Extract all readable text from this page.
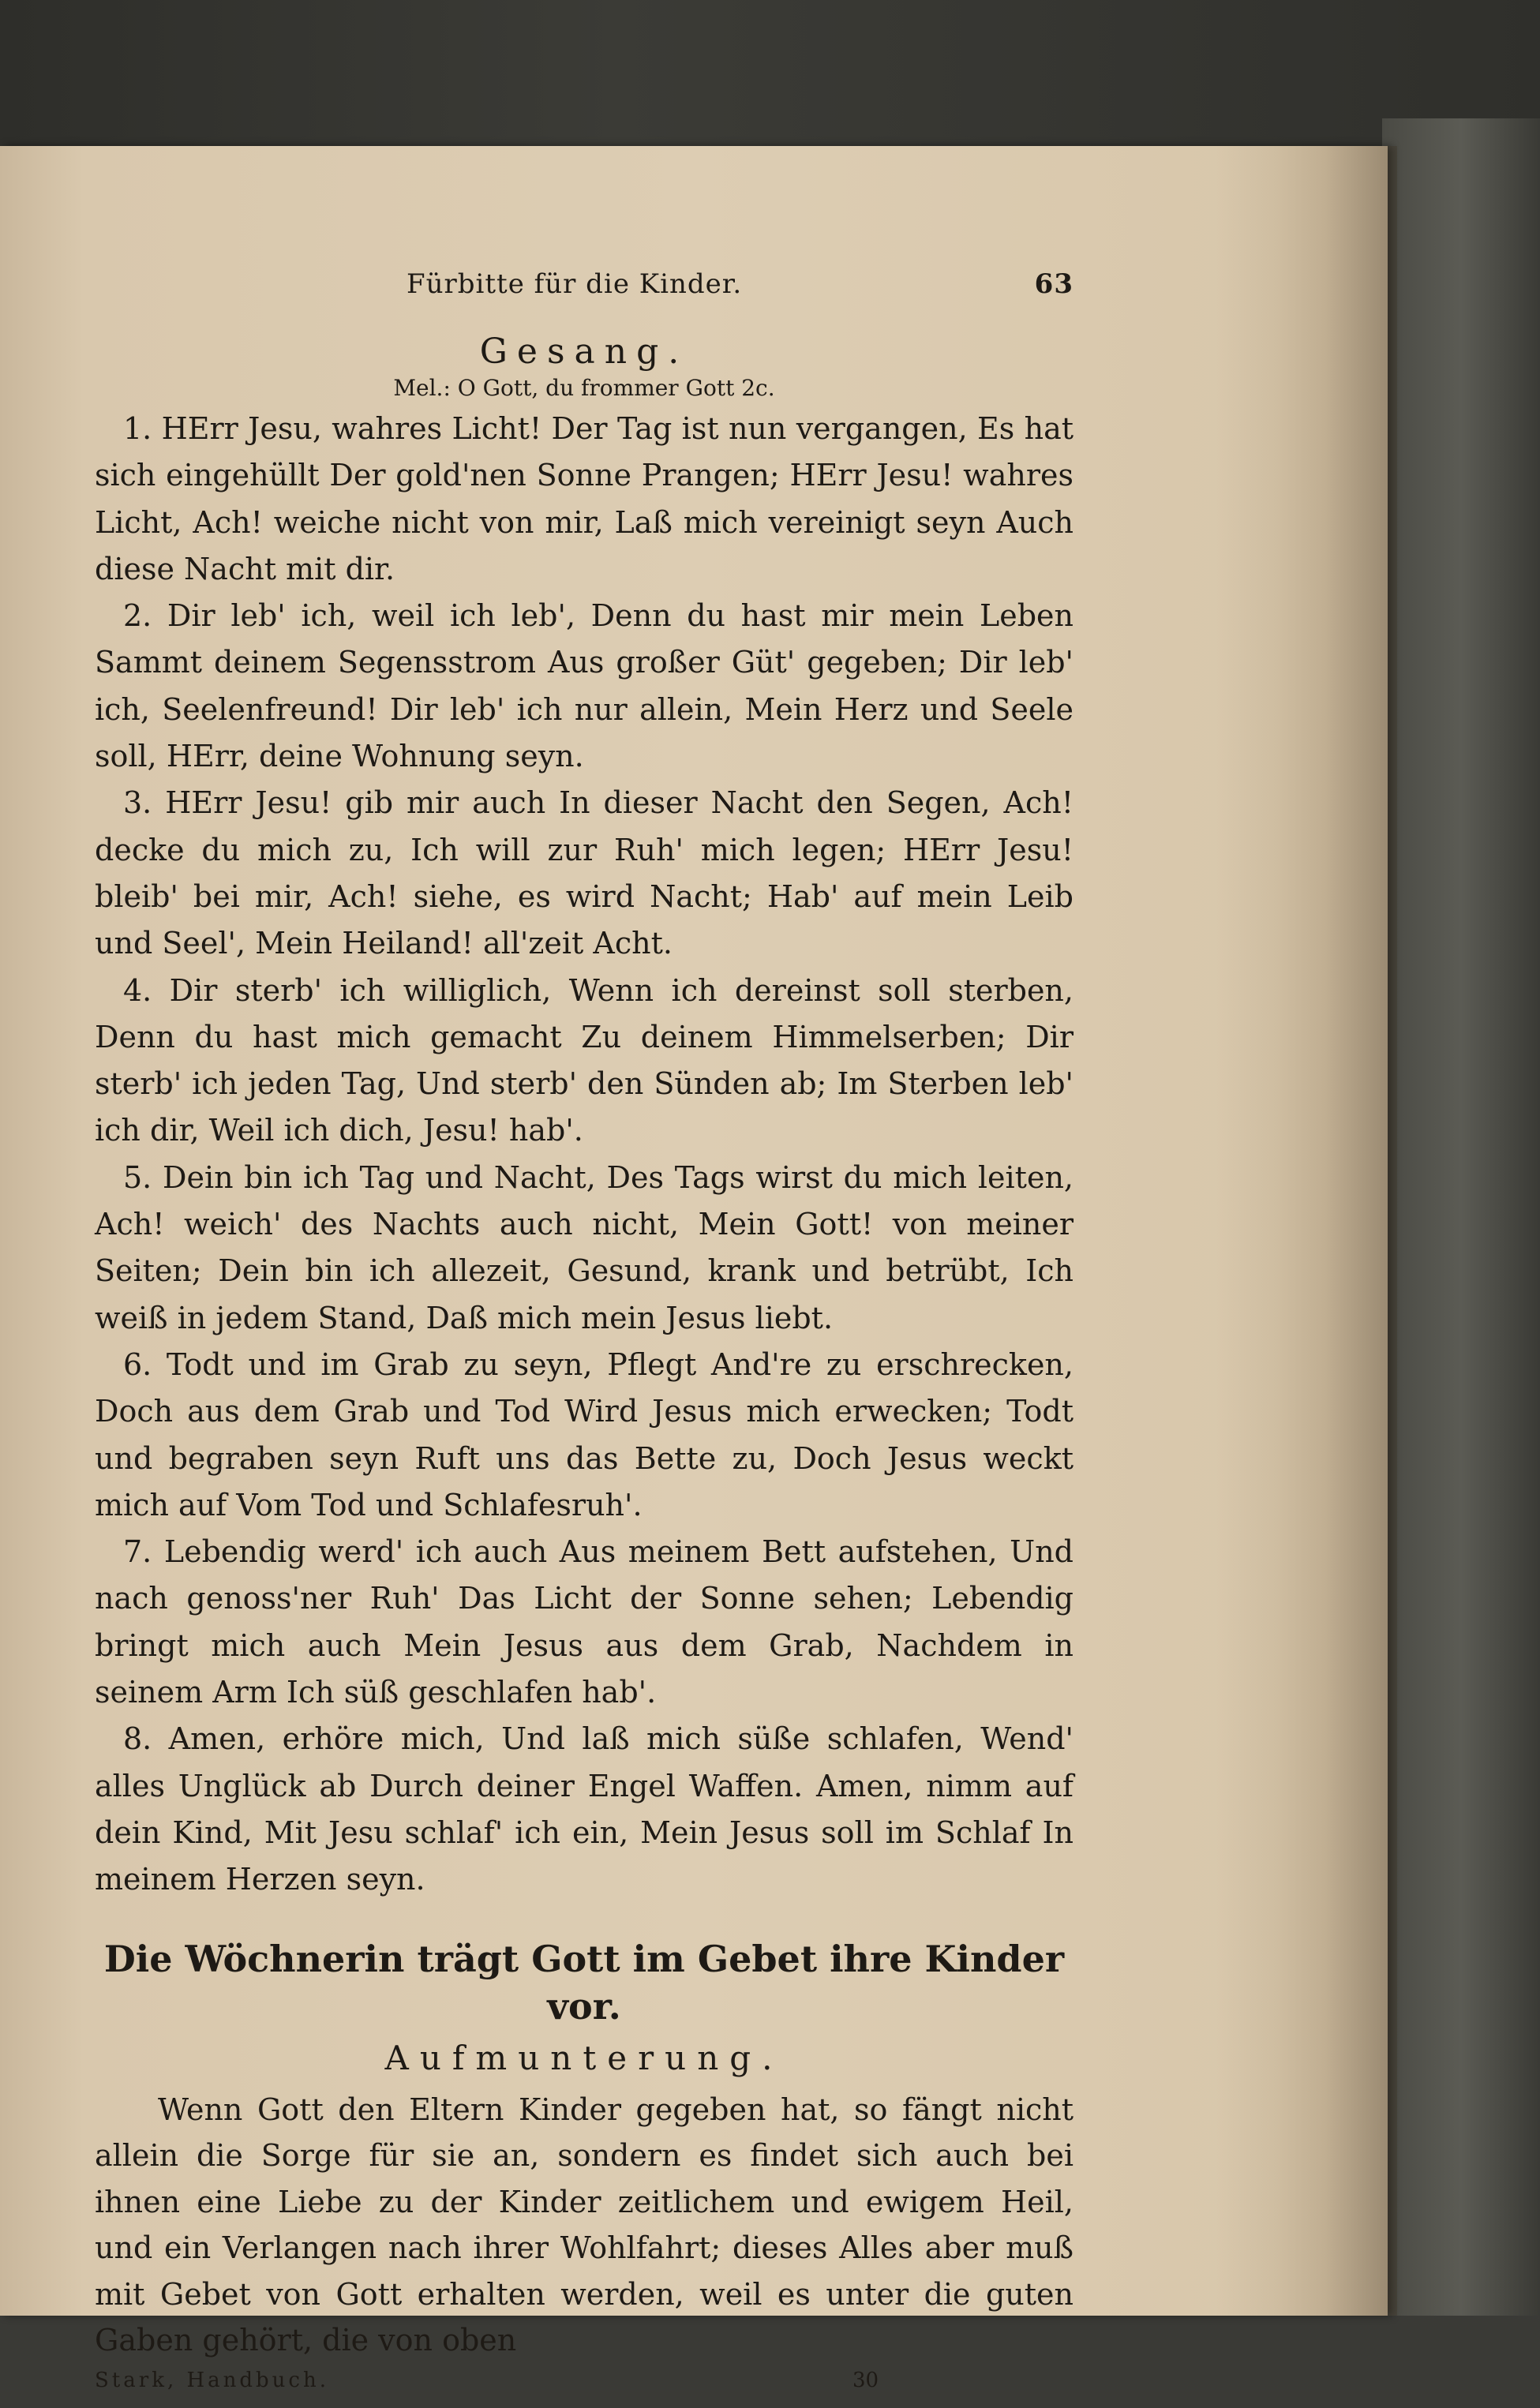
Fürbitte für die Kinder.	63
Gesang.
Mel.: O Gott, du frommer Gott 2c.

1. HErr Jesu, wahres Licht! Der Tag ist nun vergangen, Es hat sich eingehüllt Der gold'nen Sonne Prangen; HErr Jesu! wahres Licht, Ach! weiche nicht von mir, Laß mich vereinigt seyn Auch diese Nacht mit dir.

2. Dir leb' ich, weil ich leb', Denn du hast mir mein Leben Sammt deinem Segensstrom Aus großer Güt' gegeben; Dir leb' ich, Seelenfreund! Dir leb' ich nur allein, Mein Herz und Seele soll, HErr, deine Wohnung seyn.

3. HErr Jesu! gib mir auch In dieser Nacht den Segen, Ach! decke du mich zu, Ich will zur Ruh' mich legen; HErr Jesu! bleib' bei mir, Ach! siehe, es wird Nacht; Hab' auf mein Leib und Seel', Mein Heiland! all'zeit Acht.

4. Dir sterb' ich williglich, Wenn ich dereinst soll sterben, Denn du hast mich gemacht Zu deinem Himmelserben; Dir sterb' ich jeden Tag, Und sterb' den Sünden ab; Im Sterben leb' ich dir, Weil ich dich, Jesu! hab'.

5. Dein bin ich Tag und Nacht, Des Tags wirst du mich leiten, Ach! weich' des Nachts auch nicht, Mein Gott! von meiner Seiten; Dein bin ich allezeit, Gesund, krank und betrübt, Ich weiß in jedem Stand, Daß mich mein Jesus liebt.

6. Todt und im Grab zu seyn, Pflegt And're zu erschrecken, Doch aus dem Grab und Tod Wird Jesus mich erwecken; Todt und begraben seyn Ruft uns das Bette zu, Doch Jesus weckt mich auf Vom Tod und Schlafesruh'.

7. Lebendig werd' ich auch Aus meinem Bett aufstehen, Und nach genoss'ner Ruh' Das Licht der Sonne sehen; Lebendig bringt mich auch Mein Jesus aus dem Grab, Nachdem in seinem Arm Ich süß geschlafen hab'.

8. Amen, erhöre mich, Und laß mich süße schlafen, Wend' alles Unglück ab Durch deiner Engel Waffen. Amen, nimm auf dein Kind, Mit Jesu schlaf' ich ein, Mein Jesus soll im Schlaf In meinem Herzen seyn.

Die Wöchnerin trägt Gott im Gebet ihre Kinder vor.
Aufmunterung.

Wenn Gott den Eltern Kinder gegeben hat, so fängt nicht allein die Sorge für sie an, sondern es findet sich auch bei ihnen eine Liebe zu der Kinder zeitlichem und ewigem Heil, und ein Verlangen nach ihrer Wohlfahrt; dieses Alles aber muß mit Gebet von Gott erhalten werden, weil es unter die guten Gaben gehört, die von oben

Stark, Handbuch.	30
